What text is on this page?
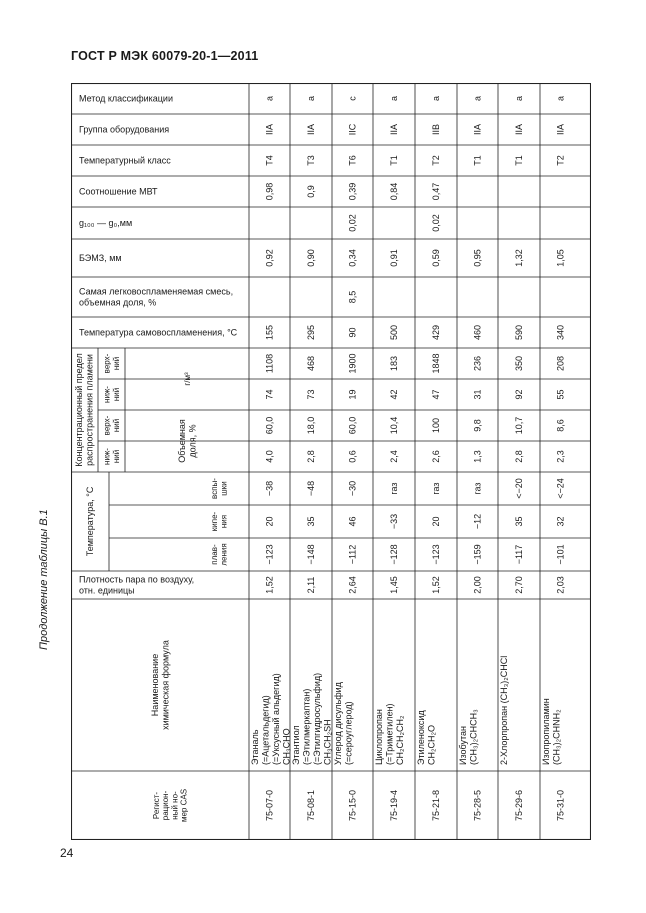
ГОСТ Р МЭК 60079-20-1—2011
Продолжение таблицы В.1
24
Метод классификации
Группа оборудования
Температурный класс
Соотношение МВТ
g₁₀₀ — g₀,мм
БЭМЗ, мм
Самая легковоспламеняемая смесь, объемная доля, %
Температура самовоспламенения, °С
Плотность пара по воздуху, отн. единицы
Концентрационный пределраспространения пламени верх-ний
ниж-ний
верх-ний
ниж-ний
г/м³
Объемнаядоля, %
Температура, °С	вспы-шки
кипе-ния
плав-ления
Наименованиехимическая формула
Регист-рацион-ный но-мер CAS
a
IIA
T4
0,98
0,92
155
1108
74
60,0
4,0
−38
20
−123
1,52
75-07-0
Этаналь(=Ацетальдегид)(=Уксусный альдегид)CH₃CHO
a
IIA
T3
0,9
0,90
295
468
73
18,0
2,8
−48
35
−148
2,11
75-08-1
Этантиол(=Этилмеркаптан)(=Этилгидросульфид)CH₃CH₂SH
c
IIC
T6
0,39
0,02
0,34
8,5
90
1900
19
60,0
0,6
−30
46
−112
2,64
75-15-0
Углерод дисульфид(=сероуглерод)
a
IIA
T1
0,84
0,91
500
183
42
10,4
2,4
газ
−33
−128
1,45
75-19-4
Циклопропан(=Триметилен)CH₂CH₂CH₂
a
IIB
T2
0,47
0,02
0,59
429
1848
47
100
2,6
газ
20
−123
1,52
75-21-8
ЭтиленоксидCH₂CH₂O
a
IIA
T1
0,95
460
236
31
9,8
1,3
газ
−12
−159
2,00
75-28-5
Изобутан(CH₃)₂CHCH₃
a
IIA
T1
1,32
590
350
92
10,7
2,8
<−20
35
−117
2,70
75-29-6
2-Хлорпропан (CH₃)₂CHCl
a
IIA
T2
1,05
340
208
55
8,6
2,3
<−24
32
−101
2,03
75-31-0
Изопропиламин(CH₃)₂CHNH₂
